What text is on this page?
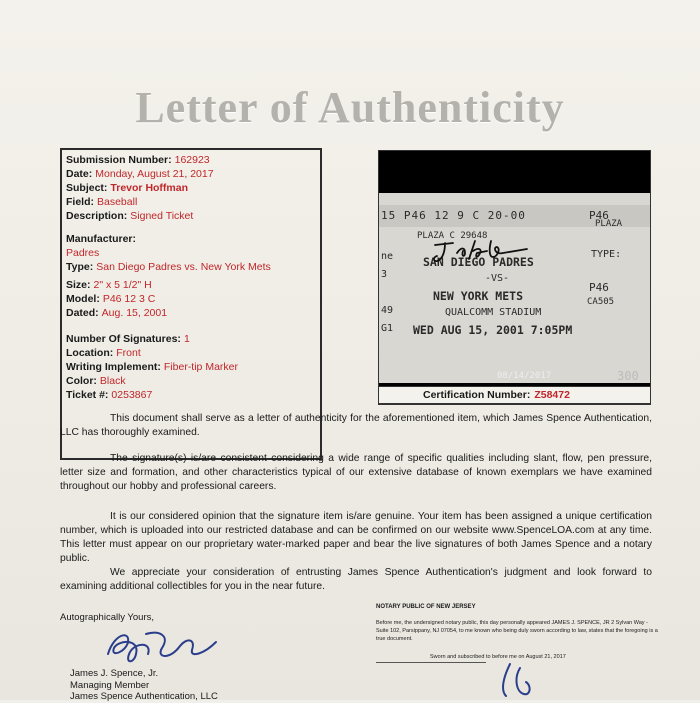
Letter of Authenticity
Submission Number: 162923
Date: Monday, August 21, 2017
Subject: Trevor Hoffman
Field: Baseball
Description: Signed Ticket
Manufacturer:
Padres
Type: San Diego Padres vs. New York Mets
Size: 2" x 5 1/2" H
Model: P46 12 3 C
Dated: Aug. 15, 2001
Number Of Signatures: 1
Location: Front
Writing Implement: Fiber-tip Marker
Color: Black
Ticket #: 0253867
15 P46 12 9 C 20-00	P46
PLAZA C 29648
PLAZA
TYPE:
SAN DIEGO PADRES
-VS-
NEW YORK METS
QUALCOMM STADIUM
WED AUG 15, 2001 7:05PM
P46
CA505
ne
3
49
G1
08/14/2017	300
Certification Number: Z58472

This document shall serve as a letter of authenticity for the aforementioned item, which James Spence Authentication, LLC has thoroughly examined.

The signature(s) is/are consistent considering a wide range of specific qualities including slant, flow, pen pressure, letter size and formation, and other characteristics typical of our extensive database of known exemplars we have examined throughout our hobby and professional careers.

It is our considered opinion that the signature item is/are genuine. Your item has been assigned a unique certification number, which is uploaded into our restricted database and can be confirmed on our website www.SpenceLOA.com at any time. This letter must appear on our proprietary water-marked paper and bear the live signatures of both James Spence and a notary public.

We appreciate your consideration of entrusting James Spence Authentication's judgment and look forward to examining additional collectibles for you in the near future.

Autographically Yours,
James J. Spence, Jr.
Managing Member
James Spence Authentication, LLC
NOTARY PUBLIC OF NEW JERSEY

Before me, the undersigned notary public, this day personally appeared JAMES J. SPENCE, JR 2 Sylvan Way - Suite 102, Parsippany, NJ 07054, to me known who being duly sworn according to law, states that the foregoing is a true document.

Sworn and subscribed to before me on August 21, 2017
